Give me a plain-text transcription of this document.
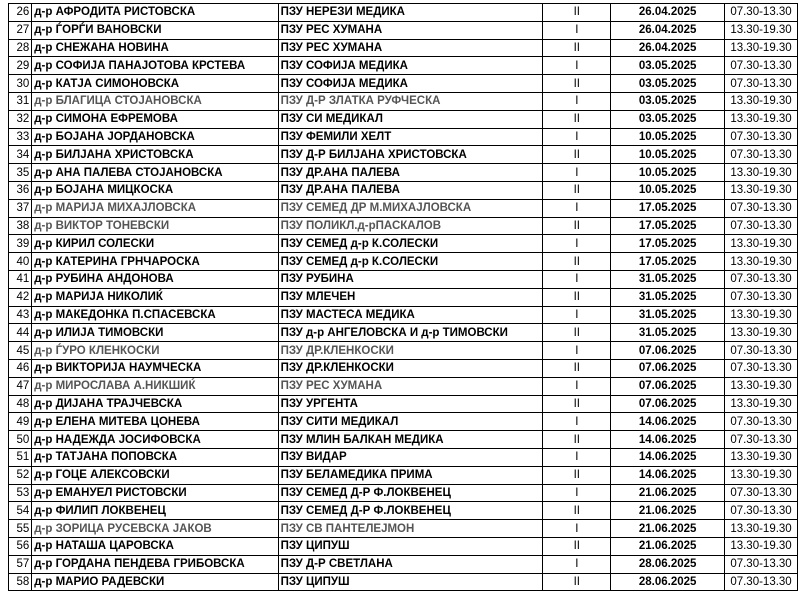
26	д-р АФРОДИТА РИСТОВСКА	ПЗУ НЕРЕЗИ МЕДИКА	II	26.04.2025	07.30-13.30
27	д-р ЃОРЃИ ВАНОВСКИ	ПЗУ РЕС ХУМАНА	I	26.04.2025	13.30-19.30
28	д-р СНЕЖАНА НОВИНА	ПЗУ РЕС ХУМАНА	II	26.04.2025	13.30-19.30
29	д-р СОФИЈА ПАНАЈОТОВА КРСТЕВА	ПЗУ СОФИЈА МЕДИКА	I	03.05.2025	07.30-13.30
30	д-р КАТЈА СИМОНОВСКА	ПЗУ СОФИЈА МЕДИКА	II	03.05.2025	07.30-13.30
31	д-р БЛАГИЦА СТОЈАНОВСКА	ПЗУ Д-Р ЗЛАТКА РУФЧЕСКА	I	03.05.2025	13.30-19.30
32	д-р СИМОНА ЕФРЕМОВА	ПЗУ СИ МЕДИКАЛ	II	03.05.2025	13.30-19.30
33	д-р БОЈАНА ЈОРДАНОВСКА	ПЗУ ФЕМИЛИ ХЕЛТ	I	10.05.2025	07.30-13.30
34	д-р БИЛЈАНА ХРИСТОВСКА	ПЗУ Д-Р БИЛЈАНА ХРИСТОВСКА	II	10.05.2025	07.30-13.30
35	д-р АНА ПАЛЕВА СТОЈАНОВСКА	ПЗУ ДР.АНА ПАЛЕВА	I	10.05.2025	13.30-19.30
36	д-р БОЈАНА МИЦКОСКА	ПЗУ ДР.АНА ПАЛЕВА	II	10.05.2025	13.30-19.30
37	д-р МАРИЈА МИХАЈЛОВСКА	ПЗУ СЕМЕД ДР М.МИХАЈЛОВСКА	I	17.05.2025	07.30-13.30
38	д-р ВИКТОР ТОНЕВСКИ	ПЗУ ПОЛИКЛ.д-рПАСКАЛОВ	II	17.05.2025	07.30-13.30
39	д-р КИРИЛ СОЛЕСКИ	ПЗУ СЕМЕД д-р К.СОЛЕСКИ	I	17.05.2025	13.30-19.30
40	д-р КАТЕРИНА ГРНЧАРОСКА	ПЗУ СЕМЕД д-р К.СОЛЕСКИ	II	17.05.2025	13.30-19.30
41	д-р РУБИНА АНДОНОВА	ПЗУ РУБИНА	I	31.05.2025	07.30-13.30
42	д-р МАРИЈА НИКОЛИЌ	ПЗУ МЛЕЧЕН	II	31.05.2025	07.30-13.30
43	д-р МАКЕДОНКА П.СПАСЕВСКА	ПЗУ МАСТЕСА МЕДИКА	I	31.05.2025	13.30-19.30
44	д-р ИЛИЈА ТИМОВСКИ	ПЗУ д-р АНГЕЛОВСКА И д-р ТИМОВСКИ	II	31.05.2025	13.30-19.30
45	д-р ЃУРО КЛЕНКОСКИ	ПЗУ ДР.КЛЕНКОСКИ	I	07.06.2025	07.30-13.30
46	д-р ВИКТОРИЈА НАУМЧЕСКА	ПЗУ ДР.КЛЕНКОСКИ	II	07.06.2025	07.30-13.30
47	д-р МИРОСЛАВА А.НИКШИЌ	ПЗУ РЕС ХУМАНА	I	07.06.2025	13.30-19.30
48	д-р ДИЈАНА ТРАЈЧЕВСКА	ПЗУ УРГЕНТА	II	07.06.2025	13.30-19.30
49	д-р ЕЛЕНА МИТЕВА ЦОНЕВА	ПЗУ СИТИ МЕДИКАЛ	I	14.06.2025	07.30-13.30
50	д-р НАДЕЖДА ЈОСИФОВСКА	ПЗУ МЛИН БАЛКАН МЕДИКА	II	14.06.2025	07.30-13.30
51	д-р ТАТЈАНА ПОПОВСКА	ПЗУ ВИДАР	I	14.06.2025	13.30-19.30
52	д-р ГОЦЕ АЛЕКСОВСКИ	ПЗУ БЕЛАМЕДИКА ПРИМА	II	14.06.2025	13.30-19.30
53	д-р ЕМАНУЕЛ РИСТОВСКИ	ПЗУ СЕМЕД Д-Р Ф.ЛОКВЕНЕЦ	I	21.06.2025	07.30-13.30
54	д-р ФИЛИП ЛОКВЕНЕЦ	ПЗУ СЕМЕД Д-Р Ф.ЛОКВЕНЕЦ	II	21.06.2025	07.30-13.30
55	д-р ЗОРИЦА РУСЕВСКА ЈАКОВ	ПЗУ СВ ПАНТЕЛЕЈМОН	I	21.06.2025	13.30-19.30
56	д-р НАТАША ЦАРОВСКА	ПЗУ ЦИПУШ	II	21.06.2025	13.30-19.30
57	д-р ГОРДАНА ПЕНДЕВА ГРИБОВСКА	ПЗУ Д-Р СВЕТЛАНА	I	28.06.2025	07.30-13.30
58	д-р МАРИО РАДЕВСКИ	ПЗУ ЦИПУШ	II	28.06.2025	07.30-13.30
